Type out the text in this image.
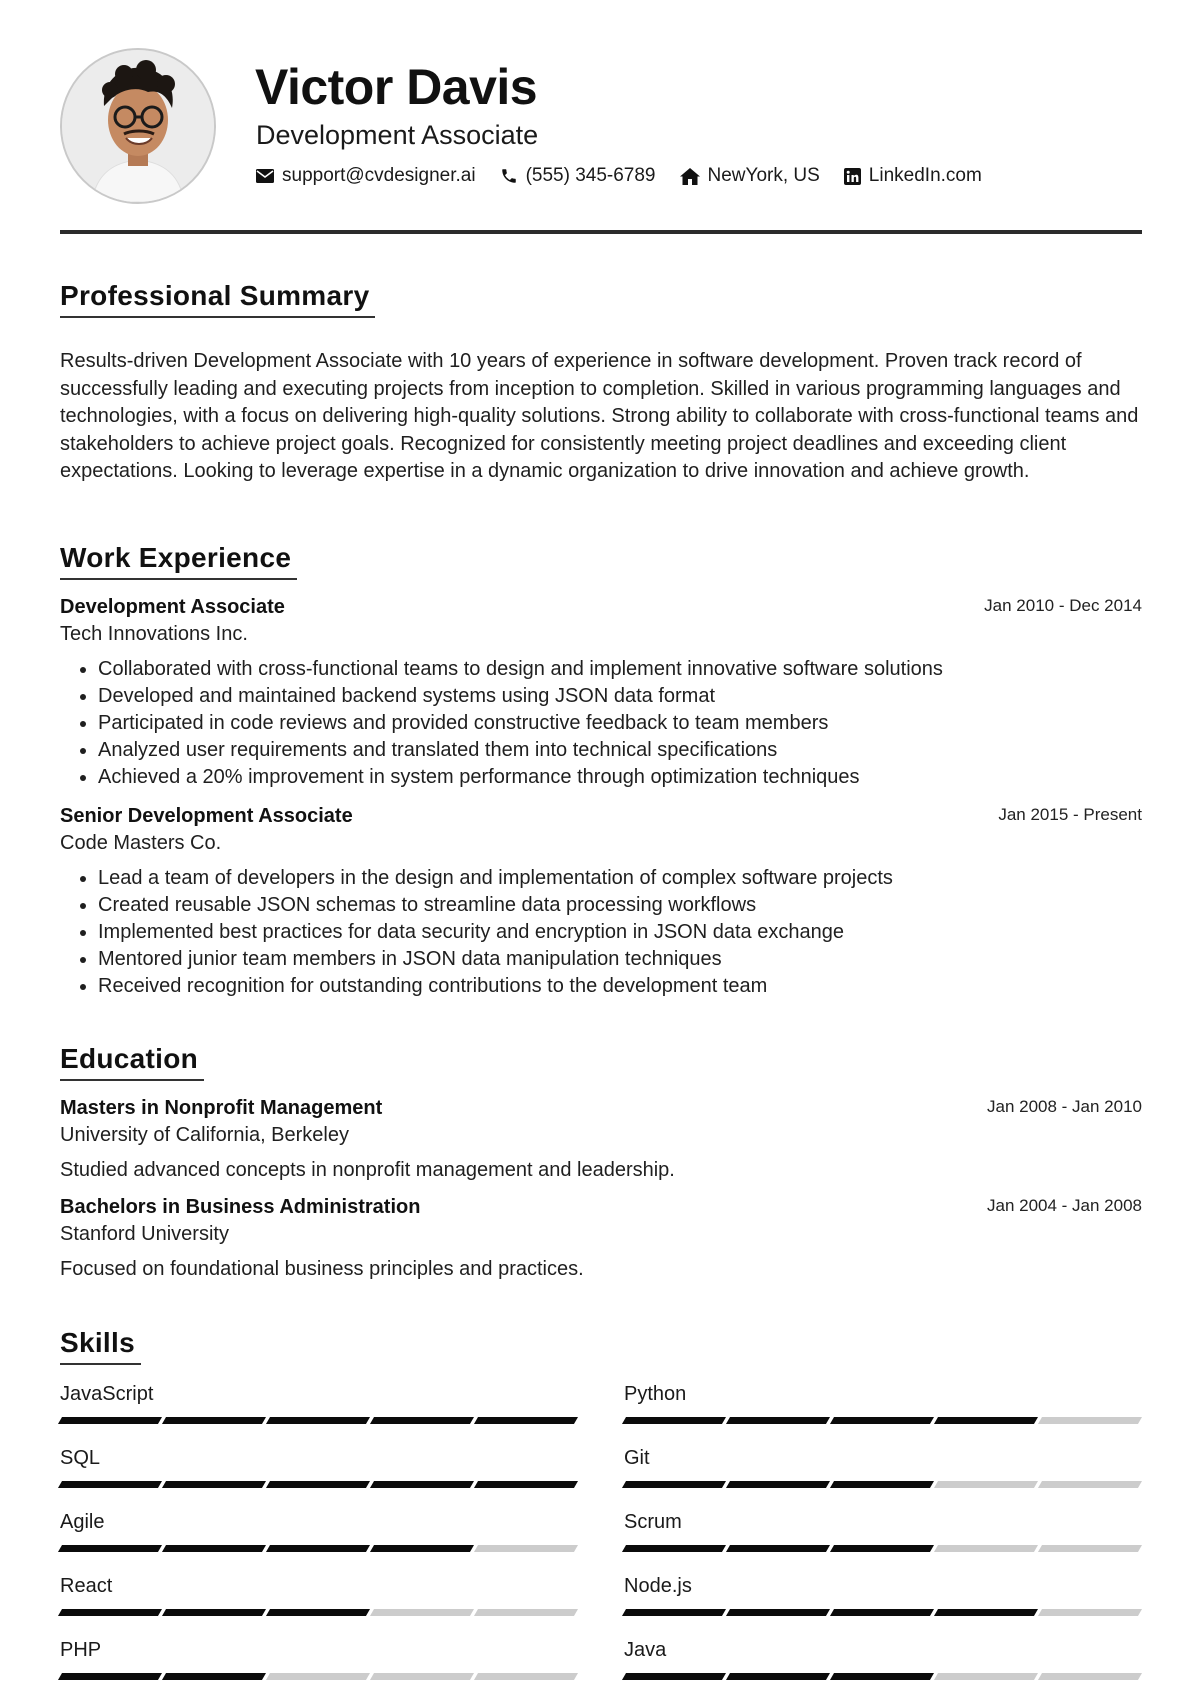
Victor Davis
Development Associate
support@cvdesigner.ai	(555) 345-6789	NewYork, US	LinkedIn.com
Professional Summary
Results-driven Development Associate with 10 years of experience in software development. Proven track record of successfully leading and executing projects from inception to completion. Skilled in various programming languages and technologies, with a focus on delivering high-quality solutions. Strong ability to collaborate with cross-functional teams and stakeholders to achieve project goals. Recognized for consistently meeting project deadlines and exceeding client expectations. Looking to leverage expertise in a dynamic organization to drive innovation and achieve growth.
Work Experience
Development Associate	Jan 2010 - Dec 2014
Tech Innovations Inc.
• Collaborated with cross-functional teams to design and implement innovative software solutions
• Developed and maintained backend systems using JSON data format
• Participated in code reviews and provided constructive feedback to team members
• Analyzed user requirements and translated them into technical specifications
• Achieved a 20% improvement in system performance through optimization techniques
Senior Development Associate	Jan 2015 - Present
Code Masters Co.
• Lead a team of developers in the design and implementation of complex software projects
• Created reusable JSON schemas to streamline data processing workflows
• Implemented best practices for data security and encryption in JSON data exchange
• Mentored junior team members in JSON data manipulation techniques
• Received recognition for outstanding contributions to the development team
Education
Masters in Nonprofit Management	Jan 2008 - Jan 2010
University of California, Berkeley
Studied advanced concepts in nonprofit management and leadership.
Bachelors in Business Administration	Jan 2004 - Jan 2008
Stanford University
Focused on foundational business principles and practices.
Skills
JavaScript	Python
SQL	Git
Agile	Scrum
React	Node.js
PHP	Java
